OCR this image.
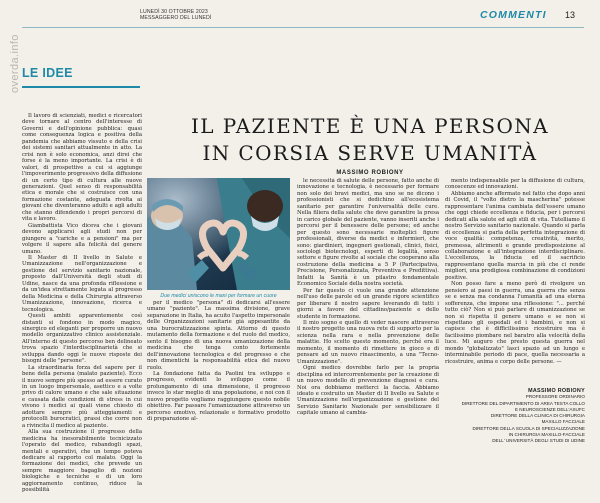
overda.info
LUNEDÌ 30 OTTOBRE 2023
MESSAGGERO DEL LUNEDÌ	COMMENTI 13
LE IDEE
IL PAZIENTE È UNA PERSONA
IN CORSIA SERVE UMANITÀ
MASSIMO ROBIONY

Il lavoro di scienziati, medici e ricercatori deve tornare al centro dell'interesse di Governi e dell'opinione pubblica: quasi come conseguenza logica e positiva della pandemia che abbiamo vissuto e della crisi dei sistemi sanitari attualmente in atto. La crisi non è solo economica, anzi direi che forse è la meno importante. La crisi è di valori, di prospettive a cui si aggiunge l'impoverimento progressivo della diffusione di un certo tipo di cultura alle nuove generazioni. Quel senso di responsabilità etica e morale che si costruisce con una formazione costante, adeguata rivolta ai giovani che diventeranno adulti e agli adulti che stanno difendendo i propri percorsi di vita e lavoro.

Giambattista Vico diceva che i giovani devono applicarsi agli studi non per giungere a "cariche e a pensioni" ma per volgere il sapere alla felicità del genere umano.

Il Master di II livello in Salute e Umanizzazione nell'organizzazione e gestione del servizio sanitario nazionale, proposto dall'Università degli studi di Udine, nasce da una profonda riflessione e da un'idea strettamente legata al progresso della Medicina e della Chirurgia attraverso Umanizzazione, innovazione, ricerca e tecnologica.

Questi ambiti apparentemente così distanti si fondono in modo magico, sinergico ed eleganti per proporre un nuovo modello organizzativo clinico assistenziale. All'interno di questo percorso ben delineato trova spazio l'interdisciplinarietà che si sviluppa dando oggi le nuove risposte dei bisogni delle "persone".

La straordinaria forza del sapere per il bene della persona (malato paziente). Ecco il nuovo sempre più spesso ad essere curato in un luogo impersonale, asettico e a volte privo di calore umano e che sale situazione e causata dalle condizioni di stress in cui vivono i medici ai quali viene chiesto di adottare sempre più atteggiamenti e protocolli burocratici, prassi che corre non a rivincita il medico al paziente.

Alla sua costruzione il progresso della medicina ha inesorabilmente tecnicizzato l'operato del medico, rubandogli spazi, mentali e operativi, che un tempo poteva dedicare al rapporto col malato. Oggi la formazione dei medici, che prevede un sempre maggiore bagaglio di nozioni biologiche e tecniche e di un loro aggiornamento continuo, riduce la possibilità

Due medici uniscono le mani per formare un cuore

per il medico "persona" di dedicarsi all'essere umano "paziente". La massima divisione, grave separazione in Italia, ha acuito l'aspetto impersonale delle Organizzazioni sanitarie già appesantite da una burocratizzazione spinta. Attorno di questo mutamento della formazione e del ruolo del medico, sento il bisogno di una nuova umanizzazione della medicina che tenga conto fortemente dell'innovazione tecnologica e del progresso e che non dimentichi la responsabilità etica del nuovo ruolo.

La fondazione fatta da Paolini tra sviluppo e progresso, evidenti lo sviluppo come il prolungamento di una dimensione, il progresso invece lo star meglio di una popolazione, e noi con il nuovo progetto vogliamo raggiungere questo nobile obiettivo. Far passare l'umanizzazione attraverso un percorso emotivo, relazionale e formativo prodotto di preparazione al-

le necessità di salute delle persone, fatto anche di innovazione e tecnologia, è necessario per formare non solo dei bravi medici, ma uno se ne dicono i professionisti che si dedichino all'ecosistema sanitario per garantire l'universalità delle cure. Nella filiera della salute che deve garantire la presa in carico globale del paziente, vanno inseriti anche i percorsi per il benessere delle persone; ed anche per questo sono necessarie molteplici figure professionali, diverse da medici e infermieri, che sono: giardinieri, ingegneri gestionali, clinici, fisici, sociologi biotecnologi, esperti di legalità, senso settore e figure rivolte al sociale che cooperano alla costruzione della medicina a 5 P (Partecipativa, Precisione, Personalizzata, Preventiva e Predittiva). Infatti la Sanità è un pilastro fondamentale Economico Sociale della nostra società.

Per far questo ci vuole una grande attenzione nell'uso delle parole ed un grande rigore scientifico per liberare il nostro sapere leverando di tutti i giorni a favore del cittadino/paziente e dello studente in formazione.

Il mio sogno e quello di veder nascere attraverso il nostro progetto una nuova rete di supporto per la scienza nella rara e nella prevenzione delle malattie. Ho scelto questo momento, perché era il momento, il momento di rimettere in gioco e di pensare ad un nuovo rinascimento, a una "Tecno-Umanizzazione".

Ogni medico dovrebbe farlo per la propria disciplina ed intercorrentemente per la creazione di un nuovo modello di prevenzione diagnosi e cura. Noi ora dobbiamo metterci la faccia. Abbiamo ideato e costruito un Master di II livello su Salute e Umanizzazione nell'organizzazione e gestione del Servizio Sanitario Nazionale per sensibilizzare il capitale umano al cambia-

mento indispensabile per la diffusione di cultura, conoscenze ed innovazioni.

Abbiamo anche affermato nel fatto che dopo anni di Covid, il "volto dietro la mascherina" potesse rappresentare l'anima cambiata dell'essere umano che oggi chiede eccellenza e fiducia, per i percorsi dedicati alla salute ed agli stili di vita. Tutelliamo il nostro Servizio sanitario nazionale. Quando si parla di eccellenza si parla della perfetta integrazione di voce qualità: competenza, creatività, merito, premessa, altrimenti e grande predisposizione al collaborazione e all'integrazione interdisciplinare. L'eccellenza, la fiducia ed il sacrificio rappresentano quella marcia in più che ci rende migliori, una prodigiosa combinazione di condizioni positive.

Non posso fare a meno però di rivolgere un pensiero ai paesi in guerra, una guerra che senza se e senza ma condanna l'umanità ad una eterna sofferenza, che impone una riflessione: "... perché tutto ciò? Non si può parlare di umanizzazione se non si rispetta il genere umano e se non si rispettano gli ospedali ed i bambini, e non si capisce che è difficilissimo ricostruire ma è facilissimo piombare nel baratro alla velocità della luce. Mi auguro che presto questa guerra nel mondo "globalizzato" lasci spazio ad un lungo e interminabile periodo di pace, quella necessaria a ricostruire, anima e corpo delle persone. —

MASSIMO ROBIONY
PROFESSORE ORDINARIO
DIRETTORE DEL DIPARTIMENTO DI AREA TESTA COLLO
E NEUROSCIENZE DELL'ASUFC
DIRETTORE DELLA CLINICA DI CHIRURGIA
MAXILLO FACCIALE
DIRETTORE DELLA SCUOLA DI SPECIALIZZAZIONE
IN CHIRURGIA MAXILLO-FACCIALE
DELL' UNIVERSITÀ DEGLI STUDI DI UDINE
